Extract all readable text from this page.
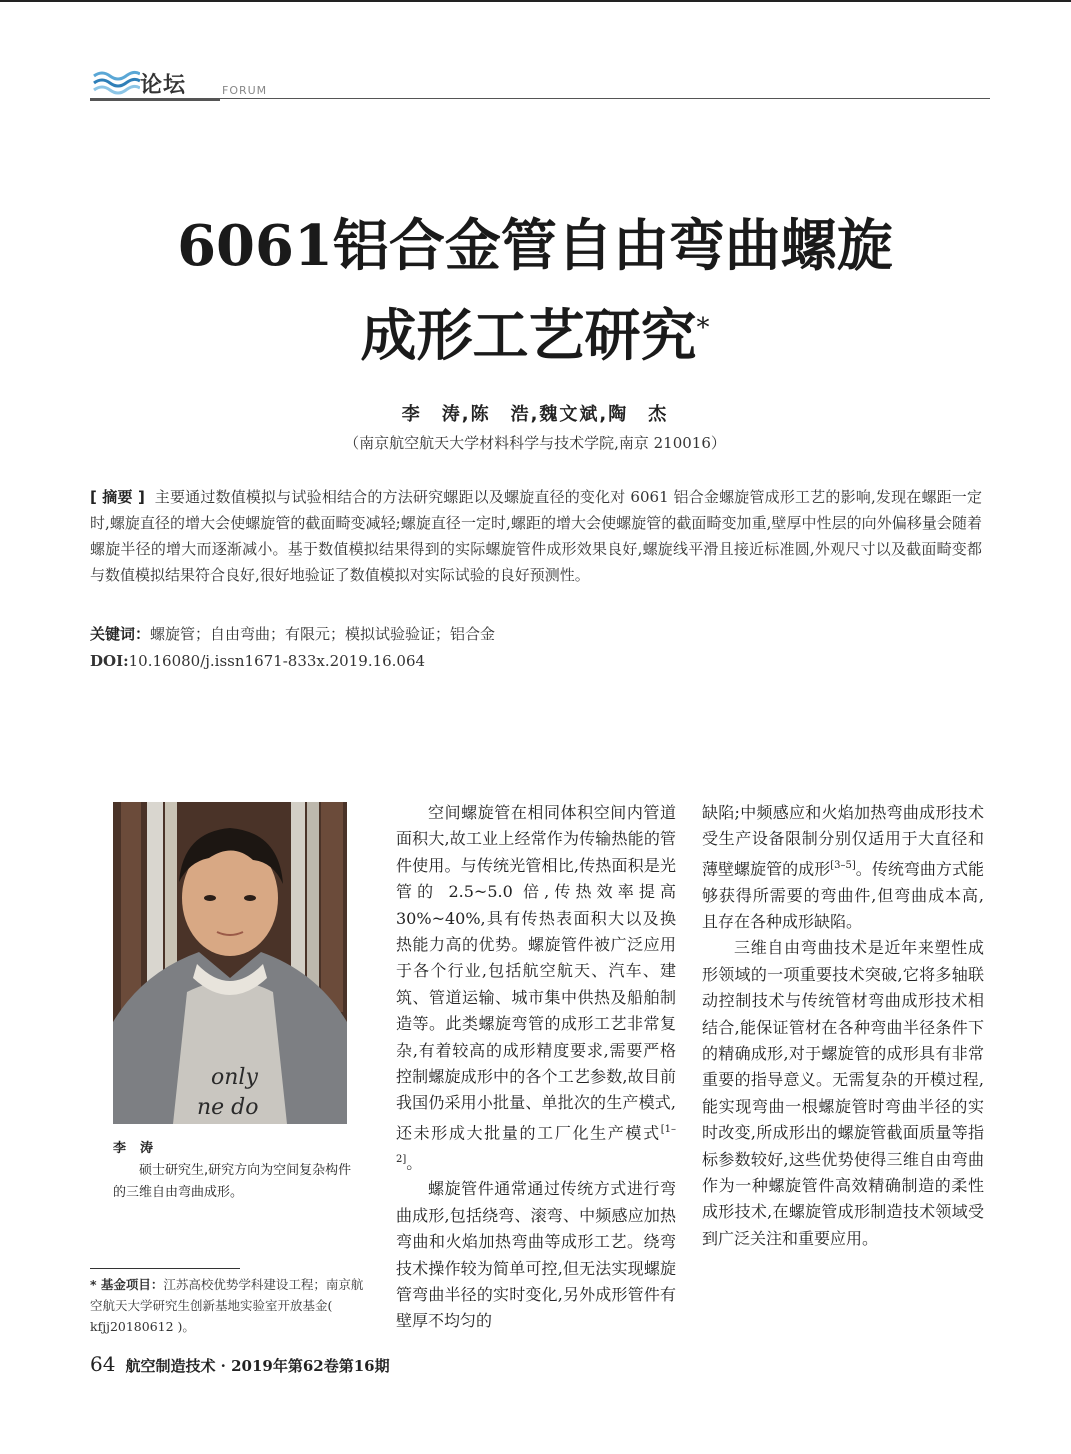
论坛	FORUM
6061铝合金管自由弯曲螺旋
成形工艺研究*
李　涛,陈　浩,魏文斌,陶　杰
（南京航空航天大学材料科学与技术学院,南京 210016）
[ 摘要 ] 主要通过数值模拟与试验相结合的方法研究螺距以及螺旋直径的变化对 6061 铝合金螺旋管成形工艺的影响,发现在螺距一定时,螺旋直径的增大会使螺旋管的截面畸变减轻;螺旋直径一定时,螺距的增大会使螺旋管的截面畸变加重,壁厚中性层的向外偏移量会随着螺旋半径的增大而逐渐减小。基于数值模拟结果得到的实际螺旋管件成形效果良好,螺旋线平滑且接近标准圆,外观尺寸以及截面畸变都与数值模拟结果符合良好,很好地验证了数值模拟对实际试验的良好预测性。
关键词：螺旋管；自由弯曲；有限元；模拟试验验证；铝合金
DOI:10.16080/j.issn1671-833x.2019.16.064
only
ne do
李涛
硕士研究生,研究方向为空间复杂构件的三维自由弯曲成形。
* 基金项目：江苏高校优势学科建设工程；南京航空航天大学研究生创新基地实验室开放基金( kfjj20180612 )。

空间螺旋管在相同体积空间内管道面积大,故工业上经常作为传输热能的管件使用。与传统光管相比,传热面积是光管的 2.5~5.0 倍,传热效率提高 30%~40%,具有传热表面积大以及换热能力高的优势。螺旋管件被广泛应用于各个行业,包括航空航天、汽车、建筑、管道运输、城市集中供热及船舶制造等。此类螺旋弯管的成形工艺非常复杂,有着较高的成形精度要求,需要严格控制螺旋成形中的各个工艺参数,故目前我国仍采用小批量、单批次的生产模式,还未形成大批量的工厂化生产模式[1–2]。

螺旋管件通常通过传统方式进行弯曲成形,包括绕弯、滚弯、中频感应加热弯曲和火焰加热弯曲等成形工艺。绕弯技术操作较为简单可控,但无法实现螺旋管弯曲半径的实时变化,另外成形管件有壁厚不均匀的

缺陷;中频感应和火焰加热弯曲成形技术受生产设备限制分别仅适用于大直径和薄壁螺旋管的成形[3–5]。传统弯曲方式能够获得所需要的弯曲件,但弯曲成本高,且存在各种成形缺陷。

三维自由弯曲技术是近年来塑性成形领域的一项重要技术突破,它将多轴联动控制技术与传统管材弯曲成形技术相结合,能保证管材在各种弯曲半径条件下的精确成形,对于螺旋管的成形具有非常重要的指导意义。无需复杂的开模过程,能实现弯曲一根螺旋管时弯曲半径的实时改变,所成形出的螺旋管截面质量等指标参数较好,这些优势使得三维自由弯曲作为一种螺旋管件高效精确制造的柔性成形技术,在螺旋管成形制造技术领域受到广泛关注和重要应用。

64 航空制造技术 · 2019年第62卷第16期
